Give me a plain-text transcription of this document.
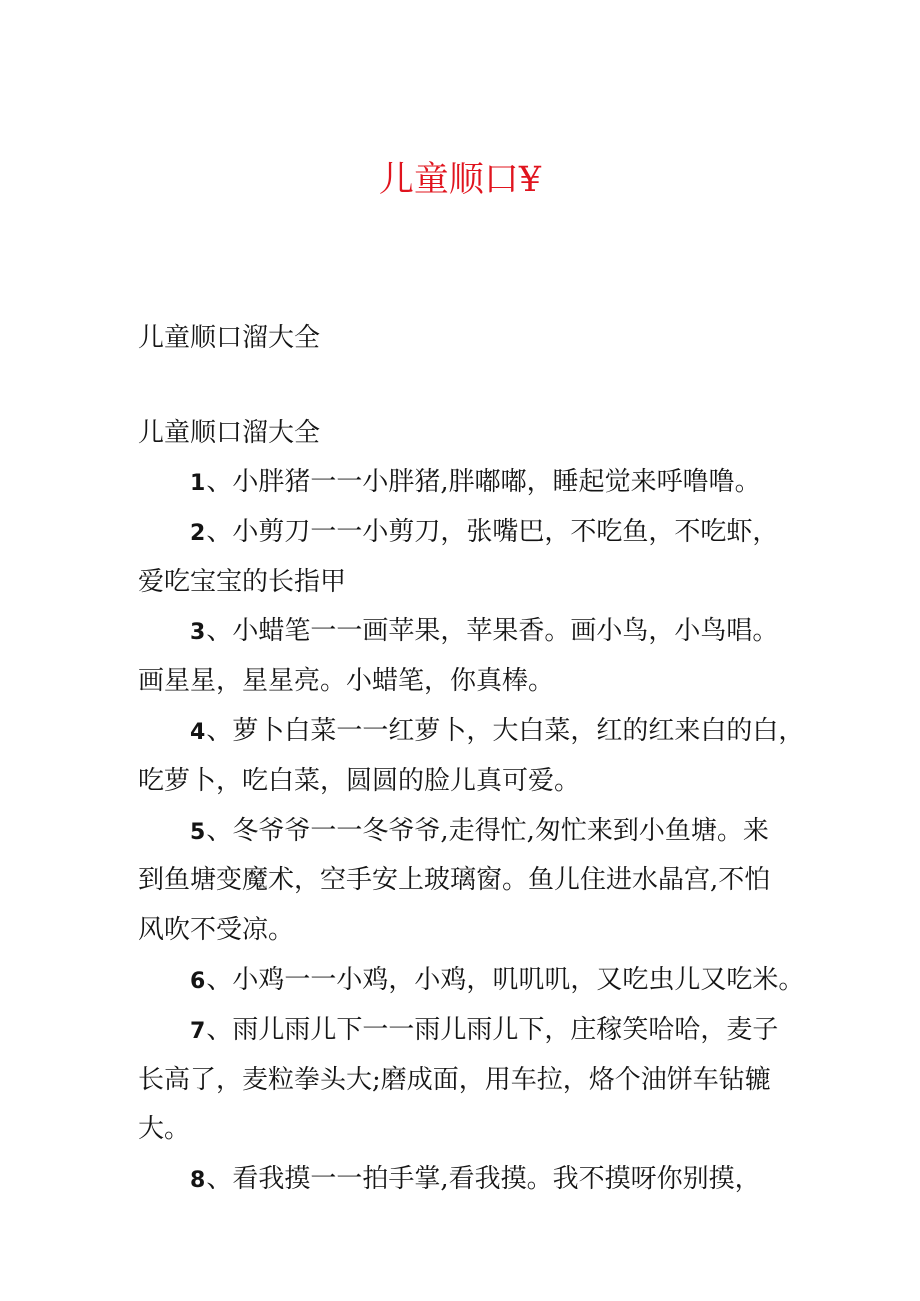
儿童顺口¥
儿童顺口溜大全
儿童顺口溜大全
1、小胖猪一一小胖猪,胖嘟嘟，睡起觉来呼噜噜。
2、小剪刀一一小剪刀，张嘴巴，不吃鱼，不吃虾，
爱吃宝宝的长指甲
3、小蜡笔一一画苹果，苹果香。画小鸟，小鸟唱。
画星星，星星亮。小蜡笔，你真棒。
4、萝卜白菜一一红萝卜，大白菜，红的红来白的白，
吃萝卜，吃白菜，圆圆的脸儿真可爱。
5、冬爷爷一一冬爷爷,走得忙,匆忙来到小鱼塘。来
到鱼塘变魔术，空手安上玻璃窗。鱼儿住进水晶宫,不怕
风吹不受凉。
6、小鸡一一小鸡，小鸡，叽叽叽，又吃虫儿又吃米。
7、雨儿雨儿下一一雨儿雨儿下，庄稼笑哈哈，麦子
长高了，麦粒拳头大;磨成面，用车拉，烙个油饼车钻辘
大。
8、看我摸一一拍手掌,看我摸。我不摸呀你别摸，
